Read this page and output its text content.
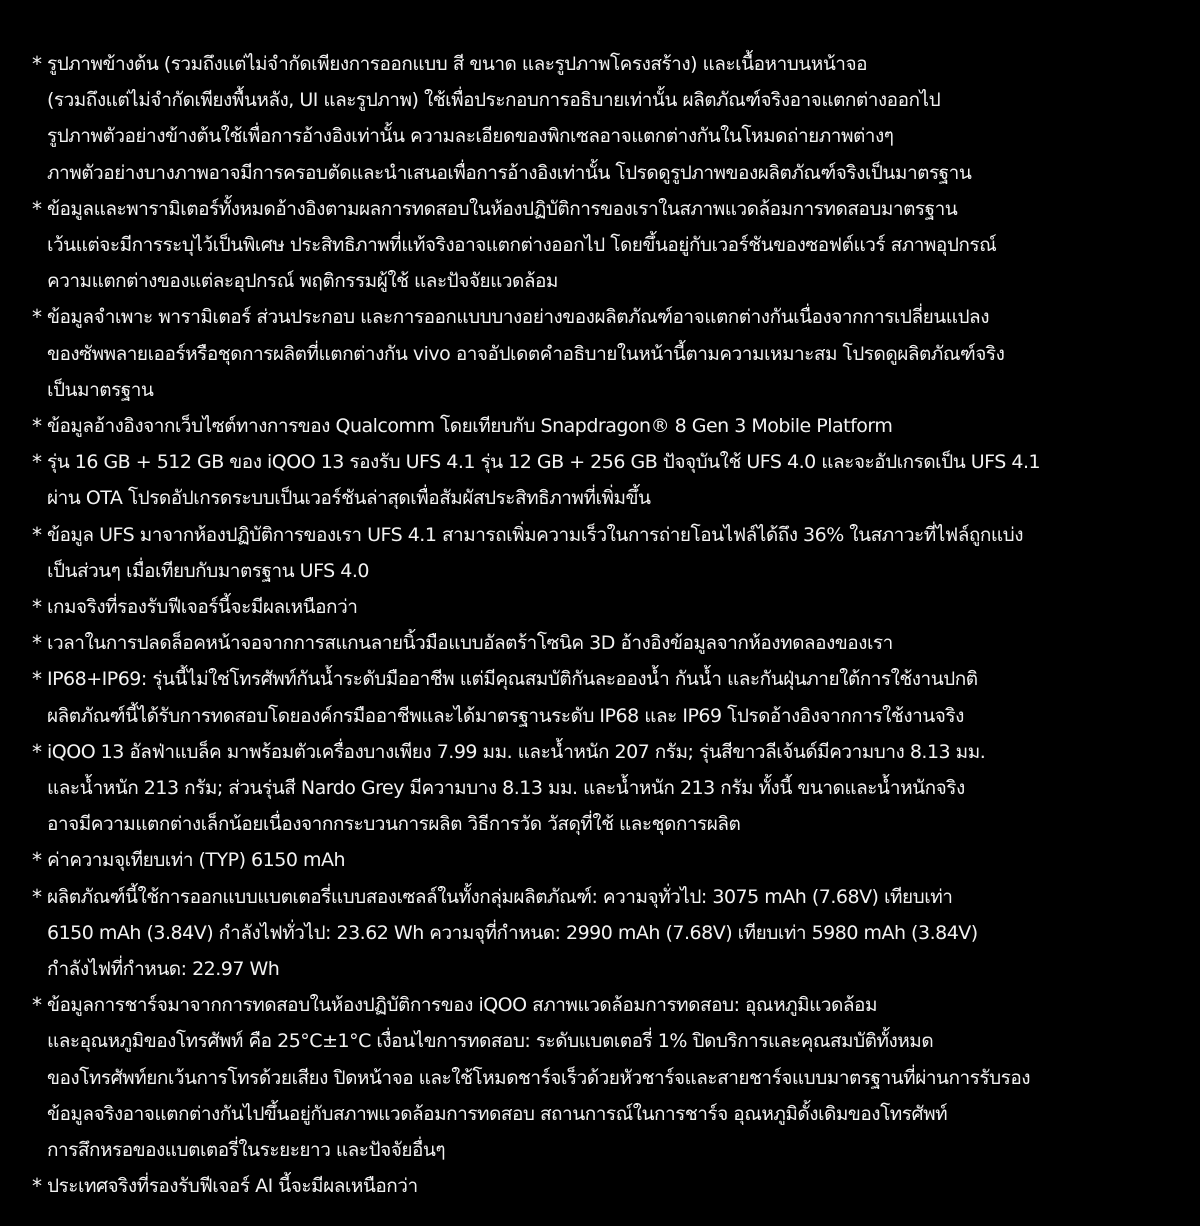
* รูปภาพข้างต้น (รวมถึงแต่ไม่จำกัดเพียงการออกแบบ สี ขนาด และรูปภาพโครงสร้าง) และเนื้อหาบนหน้าจอ
(รวมถึงแต่ไม่จำกัดเพียงพื้นหลัง, UI และรูปภาพ) ใช้เพื่อประกอบการอธิบายเท่านั้น ผลิตภัณฑ์จริงอาจแตกต่างออกไป
รูปภาพตัวอย่างข้างต้นใช้เพื่อการอ้างอิงเท่านั้น ความละเอียดของพิกเซลอาจแตกต่างกันในโหมดถ่ายภาพต่างๆ
ภาพตัวอย่างบางภาพอาจมีการครอบตัดและนำเสนอเพื่อการอ้างอิงเท่านั้น โปรดดูรูปภาพของผลิตภัณฑ์จริงเป็นมาตรฐาน
* ข้อมูลและพารามิเตอร์ทั้งหมดอ้างอิงตามผลการทดสอบในห้องปฏิบัติการของเราในสภาพแวดล้อมการทดสอบมาตรฐาน
เว้นแต่จะมีการระบุไว้เป็นพิเศษ ประสิทธิภาพที่แท้จริงอาจแตกต่างออกไป โดยขึ้นอยู่กับเวอร์ชันของซอฟต์แวร์ สภาพอุปกรณ์
ความแตกต่างของแต่ละอุปกรณ์ พฤติกรรมผู้ใช้ และปัจจัยแวดล้อม
* ข้อมูลจำเพาะ พารามิเตอร์ ส่วนประกอบ และการออกแบบบางอย่างของผลิตภัณฑ์อาจแตกต่างกันเนื่องจากการเปลี่ยนแปลง
ของซัพพลายเออร์หรือชุดการผลิตที่แตกต่างกัน vivo อาจอัปเดตคำอธิบายในหน้านี้ตามความเหมาะสม โปรดดูผลิตภัณฑ์จริง
เป็นมาตรฐาน
* ข้อมูลอ้างอิงจากเว็บไซต์ทางการของ Qualcomm โดยเทียบกับ Snapdragon® 8 Gen 3 Mobile Platform
* รุ่น 16 GB + 512 GB ของ iQOO 13 รองรับ UFS 4.1 รุ่น 12 GB + 256 GB ปัจจุบันใช้ UFS 4.0 และจะอัปเกรดเป็น UFS 4.1
ผ่าน OTA โปรดอัปเกรดระบบเป็นเวอร์ชันล่าสุดเพื่อสัมผัสประสิทธิภาพที่เพิ่มขึ้น
* ข้อมูล UFS มาจากห้องปฏิบัติการของเรา UFS 4.1 สามารถเพิ่มความเร็วในการถ่ายโอนไฟล์ได้ถึง 36% ในสภาวะที่ไฟล์ถูกแบ่ง
เป็นส่วนๆ เมื่อเทียบกับมาตรฐาน UFS 4.0
* เกมจริงที่รองรับฟีเจอร์นี้จะมีผลเหนือกว่า
* เวลาในการปลดล็อคหน้าจอจากการสแกนลายนิ้วมือแบบอัลตร้าโซนิค 3D อ้างอิงข้อมูลจากห้องทดลองของเรา
* IP68+IP69: รุ่นนี้ไม่ใช่โทรศัพท์กันน้ำระดับมืออาชีพ แต่มีคุณสมบัติกันละอองน้ำ กันน้ำ และกันฝุ่นภายใต้การใช้งานปกติ
ผลิตภัณฑ์นี้ได้รับการทดสอบโดยองค์กรมืออาชีพและได้มาตรฐานระดับ IP68 และ IP69 โปรดอ้างอิงจากการใช้งานจริง
* iQOO 13 อัลฟ่าแบล็ค มาพร้อมตัวเครื่องบางเพียง 7.99 มม. และน้ำหนัก 207 กรัม; รุ่นสีขาวลีเจ้นด์มีความบาง 8.13 มม.
และน้ำหนัก 213 กรัม; ส่วนรุ่นสี Nardo Grey มีความบาง 8.13 มม. และน้ำหนัก 213 กรัม ทั้งนี้ ขนาดและน้ำหนักจริง
อาจมีความแตกต่างเล็กน้อยเนื่องจากกระบวนการผลิต วิธีการวัด วัสดุที่ใช้ และชุดการผลิต
* ค่าความจุเทียบเท่า (TYP) 6150 mAh
* ผลิตภัณฑ์นี้ใช้การออกแบบแบตเตอรี่แบบสองเซลล์ในทั้งกลุ่มผลิตภัณฑ์: ความจุทั่วไป: 3075 mAh (7.68V) เทียบเท่า
6150 mAh (3.84V) กำลังไฟทั่วไป: 23.62 Wh ความจุที่กำหนด: 2990 mAh (7.68V) เทียบเท่า 5980 mAh (3.84V)
กำลังไฟที่กำหนด: 22.97 Wh
* ข้อมูลการชาร์จมาจากการทดสอบในห้องปฏิบัติการของ iQOO สภาพแวดล้อมการทดสอบ: อุณหภูมิแวดล้อม
และอุณหภูมิของโทรศัพท์ คือ 25°C±1°C เงื่อนไขการทดสอบ: ระดับแบตเตอรี่ 1% ปิดบริการและคุณสมบัติทั้งหมด
ของโทรศัพท์ยกเว้นการโทรด้วยเสียง ปิดหน้าจอ และใช้โหมดชาร์จเร็วด้วยหัวชาร์จและสายชาร์จแบบมาตรฐานที่ผ่านการรับรอง
ข้อมูลจริงอาจแตกต่างกันไปขึ้นอยู่กับสภาพแวดล้อมการทดสอบ สถานการณ์ในการชาร์จ อุณหภูมิดั้งเดิมของโทรศัพท์
การสึกหรอของแบตเตอรี่ในระยะยาว และปัจจัยอื่นๆ
* ประเทศจริงที่รองรับฟีเจอร์ AI นี้จะมีผลเหนือกว่า
